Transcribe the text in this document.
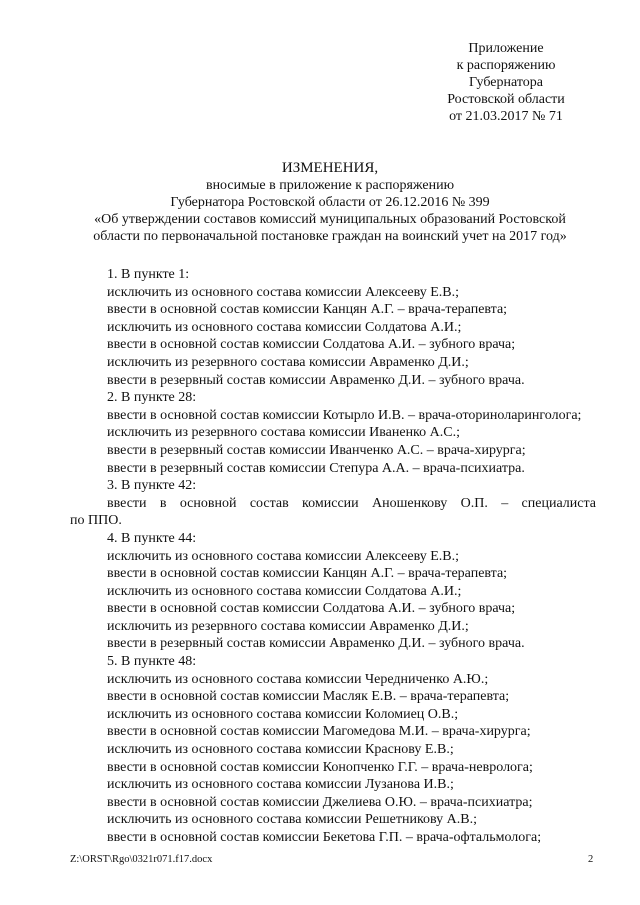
Приложение
к распоряжению
Губернатора
Ростовской области
от 21.03.2017 № 71
ИЗМЕНЕНИЯ,
вносимые в приложение к распоряжению
Губернатора Ростовской области от 26.12.2016 № 399
«Об утверждении составов комиссий муниципальных образований Ростовской
области по первоначальной постановке граждан на воинский учет на 2017 год»
1. В пункте 1:
исключить из основного состава комиссии Алексееву Е.В.;
ввести в основной состав комиссии Канцян А.Г. – врача-терапевта;
исключить из основного состава комиссии Солдатова А.И.;
ввести в основной состав комиссии Солдатова А.И. – зубного врача;
исключить из резервного состава комиссии Авраменко Д.И.;
ввести в резервный состав комиссии Авраменко Д.И. – зубного врача.
2. В пункте 28:
ввести в основной состав комиссии Котырло И.В. – врача-оториноларинголога;
исключить из резервного состава комиссии Иваненко А.С.;
ввести в резервный состав комиссии Иванченко А.С. – врача-хирурга;
ввести в резервный состав комиссии Степура А.А. – врача-психиатра.
3. В пункте 42:
ввести в основной состав комиссии Аношенкову О.П. – специалиста
по ППО.
4. В пункте 44:
исключить из основного состава комиссии Алексееву Е.В.;
ввести в основной состав комиссии Канцян А.Г. – врача-терапевта;
исключить из основного состава комиссии Солдатова А.И.;
ввести в основной состав комиссии Солдатова А.И. – зубного врача;
исключить из резервного состава комиссии Авраменко Д.И.;
ввести в резервный состав комиссии Авраменко Д.И. – зубного врача.
5. В пункте 48:
исключить из основного состава комиссии Чередниченко А.Ю.;
ввести в основной состав комиссии Масляк Е.В. – врача-терапевта;
исключить из основного состава комиссии Коломиец О.В.;
ввести в основной состав комиссии Магомедова М.И. – врача-хирурга;
исключить из основного состава комиссии Краснову Е.В.;
ввести в основной состав комиссии Конопченко Г.Г. – врача-невролога;
исключить из основного состава комиссии Лузанова И.В.;
ввести в основной состав комиссии Джелиева О.Ю. – врача-психиатра;
исключить из основного состава комиссии Решетникову А.В.;
ввести в основной состав комиссии Бекетова Г.П. – врача-офтальмолога;
Z:\ORST\Rgo\0321r071.f17.docx	2
